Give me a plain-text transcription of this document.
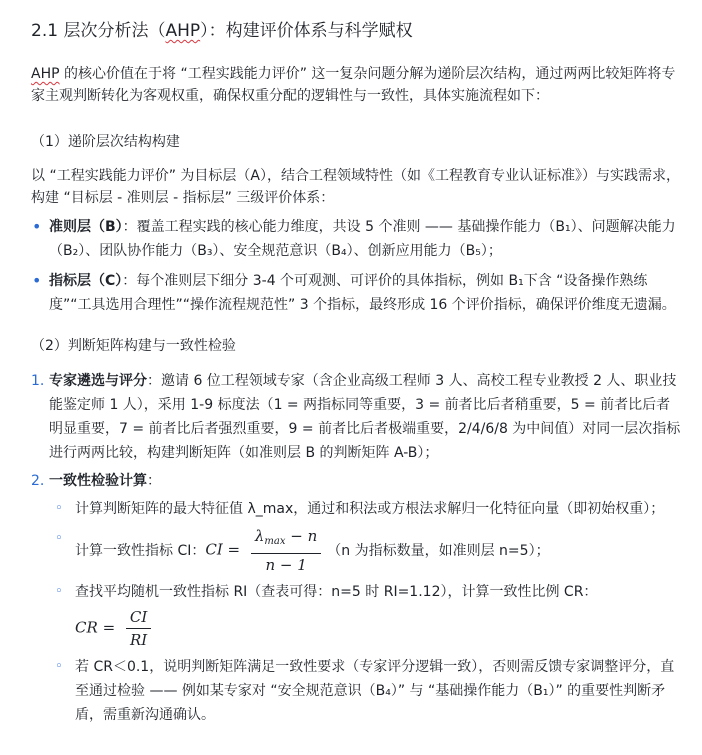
2.1 层次分析法（AHP）：构建评价体系与科学赋权

AHP 的核心价值在于将 “工程实践能力评价” 这一复杂问题分解为递阶层次结构，通过两两比较矩阵将专家主观判断转化为客观权重，确保权重分配的逻辑性与一致性，具体实施流程如下：

（1）递阶层次结构构建

以 “工程实践能力评价” 为目标层（A），结合工程领域特性（如《工程教育专业认证标准》）与实践需求，构建 “目标层 - 准则层 - 指标层” 三级评价体系：

• 准则层（B）：覆盖工程实践的核心能力维度，共设 5 个准则 —— 基础操作能力（B₁）、问题解决能力（B₂）、团队协作能力（B₃）、安全规范意识（B₄）、创新应用能力（B₅）；
• 指标层（C）：每个准则层下细分 3-4 个可观测、可评价的具体指标，例如 B₁下含 “设备操作熟练度”“工具选用合理性”“操作流程规范性” 3 个指标，最终形成 16 个评价指标，确保评价维度无遗漏。
（2）判断矩阵构建与一致性检验
1. 专家遴选与评分：邀请 6 位工程领域专家（含企业高级工程师 3 人、高校工程专业教授 2 人、职业技能鉴定师 1 人），采用 1-9 标度法（1 = 两指标同等重要，3 = 前者比后者稍重要，5 = 前者比后者明显重要，7 = 前者比后者强烈重要，9 = 前者比后者极端重要，2/4/6/8 为中间值）对同一层次指标进行两两比较，构建判断矩阵（如准则层 B 的判断矩阵 A-B）；
2. 一致性检验计算：
◦ 计算判断矩阵的最大特征值 λ_max，通过和积法或方根法求解归一化特征向量（即初始权重）；
◦
计算一致性指标 CI： CI = $\frac{\lambda_{max} - n}{n - 1} (n$ 为指标数量，如准则层 n=5）；
◦ 查找平均随机一致性指标 RI（查表可得：n=5 时 RI=1.12），计算一致性比例 CR：
CR = $\frac{CI}{RI}$
◦ 若 CR＜0.1，说明判断矩阵满足一致性要求（专家评分逻辑一致），否则需反馈专家调整评分，直至通过检验 —— 例如某专家对 “安全规范意识（B₄）” 与 “基础操作能力（B₁）” 的重要性判断矛盾，需重新沟通确认。
